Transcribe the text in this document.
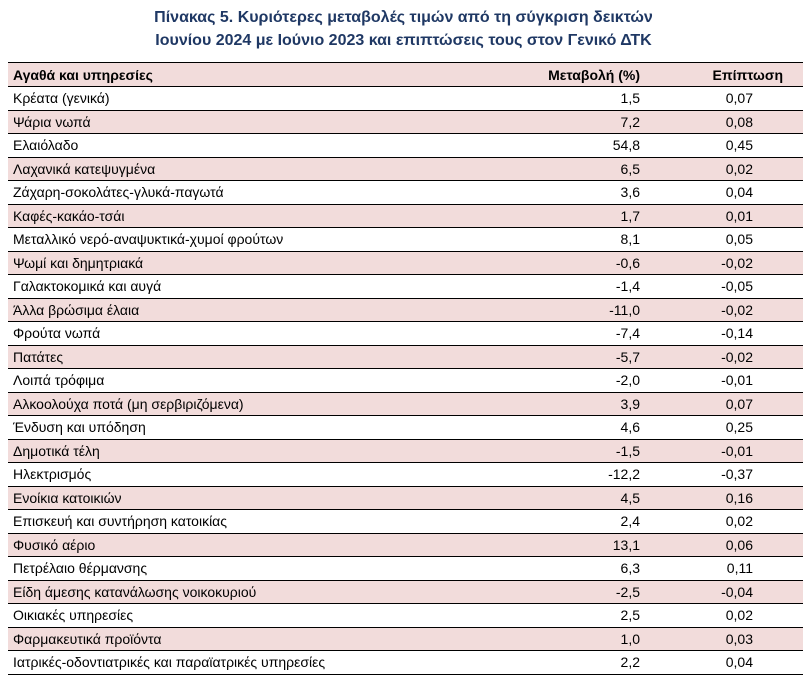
Πίνακας 5. Κυριότερες μεταβολές τιμών από τη σύγκριση δεικτών
Ιουνίου 2024 με Ιούνιο 2023 και επιπτώσεις τους στον Γενικό ΔΤΚ
Αγαθά και υπηρεσίες	Μεταβολή (%)	Επίπτωση
Κρέατα (γενικά)	1,5	0,07
Ψάρια νωπά	7,2	0,08
Ελαιόλαδο	54,8	0,45
Λαχανικά κατεψυγμένα	6,5	0,02
Ζάχαρη-σοκολάτες-γλυκά-παγωτά	3,6	0,04
Καφές-κακάο-τσάι	1,7	0,01
Μεταλλικό νερό-αναψυκτικά-χυμοί φρούτων	8,1	0,05
Ψωμί και δημητριακά	-0,6	-0,02
Γαλακτοκομικά και αυγά	-1,4	-0,05
Άλλα βρώσιμα έλαια	-11,0	-0,02
Φρούτα νωπά	-7,4	-0,14
Πατάτες	-5,7	-0,02
Λοιπά τρόφιμα	-2,0	-0,01
Αλκοολούχα ποτά (μη σερβιριζόμενα)	3,9	0,07
Ένδυση και υπόδηση	4,6	0,25
Δημοτικά τέλη	-1,5	-0,01
Ηλεκτρισμός	-12,2	-0,37
Ενοίκια κατοικιών	4,5	0,16
Επισκευή και συντήρηση κατοικίας	2,4	0,02
Φυσικό αέριο	13,1	0,06
Πετρέλαιο θέρμανσης	6,3	0,11
Είδη άμεσης κατανάλωσης νοικοκυριού	-2,5	-0,04
Οικιακές υπηρεσίες	2,5	0,02
Φαρμακευτικά προϊόντα	1,0	0,03
Ιατρικές-οδοντιατρικές και παραϊατρικές υπηρεσίες	2,2	0,04
